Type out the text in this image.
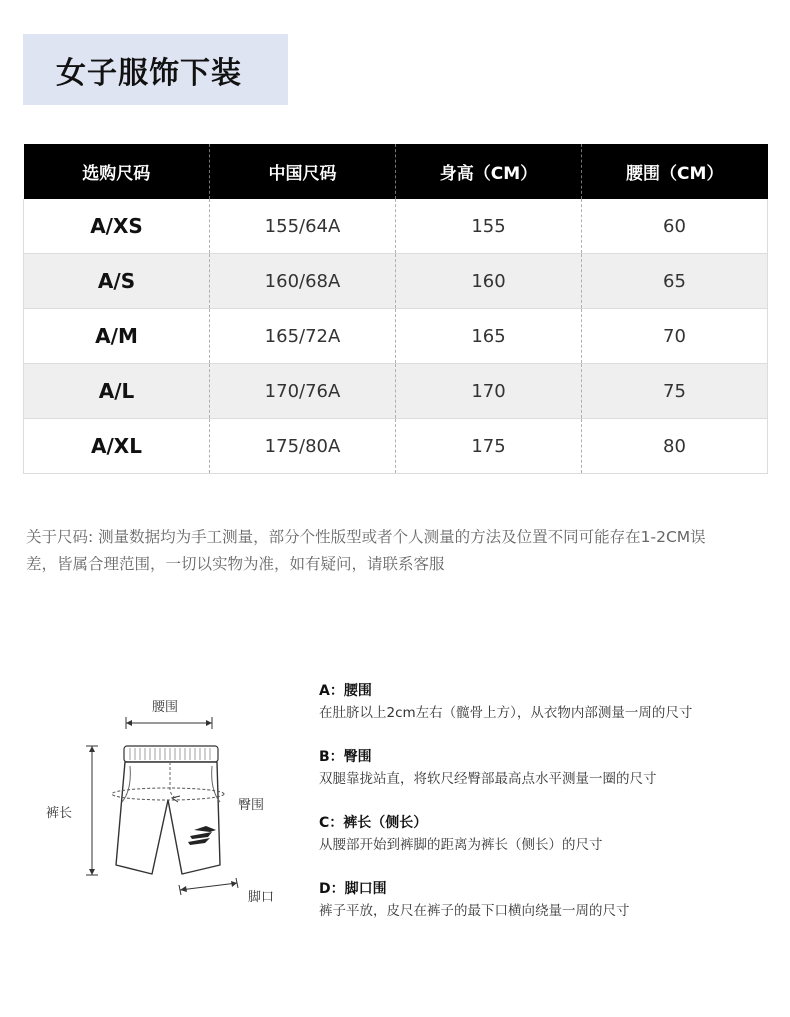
女子服饰下装
选购尺码	中国尺码	身高（CM）	腰围（CM）
A/XS	155/64A	155	60
A/S	160/68A	160	65
A/M	165/72A	165	70
A/L	170/76A	170	75
A/XL	175/80A	175	80
关于尺码: 测量数据均为手工测量，部分个性版型或者个人测量的方法及位置不同可能存在1-2CM误
差，皆属合理范围，一切以实物为准，如有疑问，请联系客服
腰围
臀围
裤长
脚口
A：腰围
在肚脐以上2cm左右（髋骨上方），从衣物内部测量一周的尺寸
B：臀围
双腿靠拢站直，将软尺经臀部最高点水平测量一圈的尺寸
C：裤长（侧长）
从腰部开始到裤脚的距离为裤长（侧长）的尺寸
D：脚口围
裤子平放，皮尺在裤子的最下口横向绕量一周的尺寸
